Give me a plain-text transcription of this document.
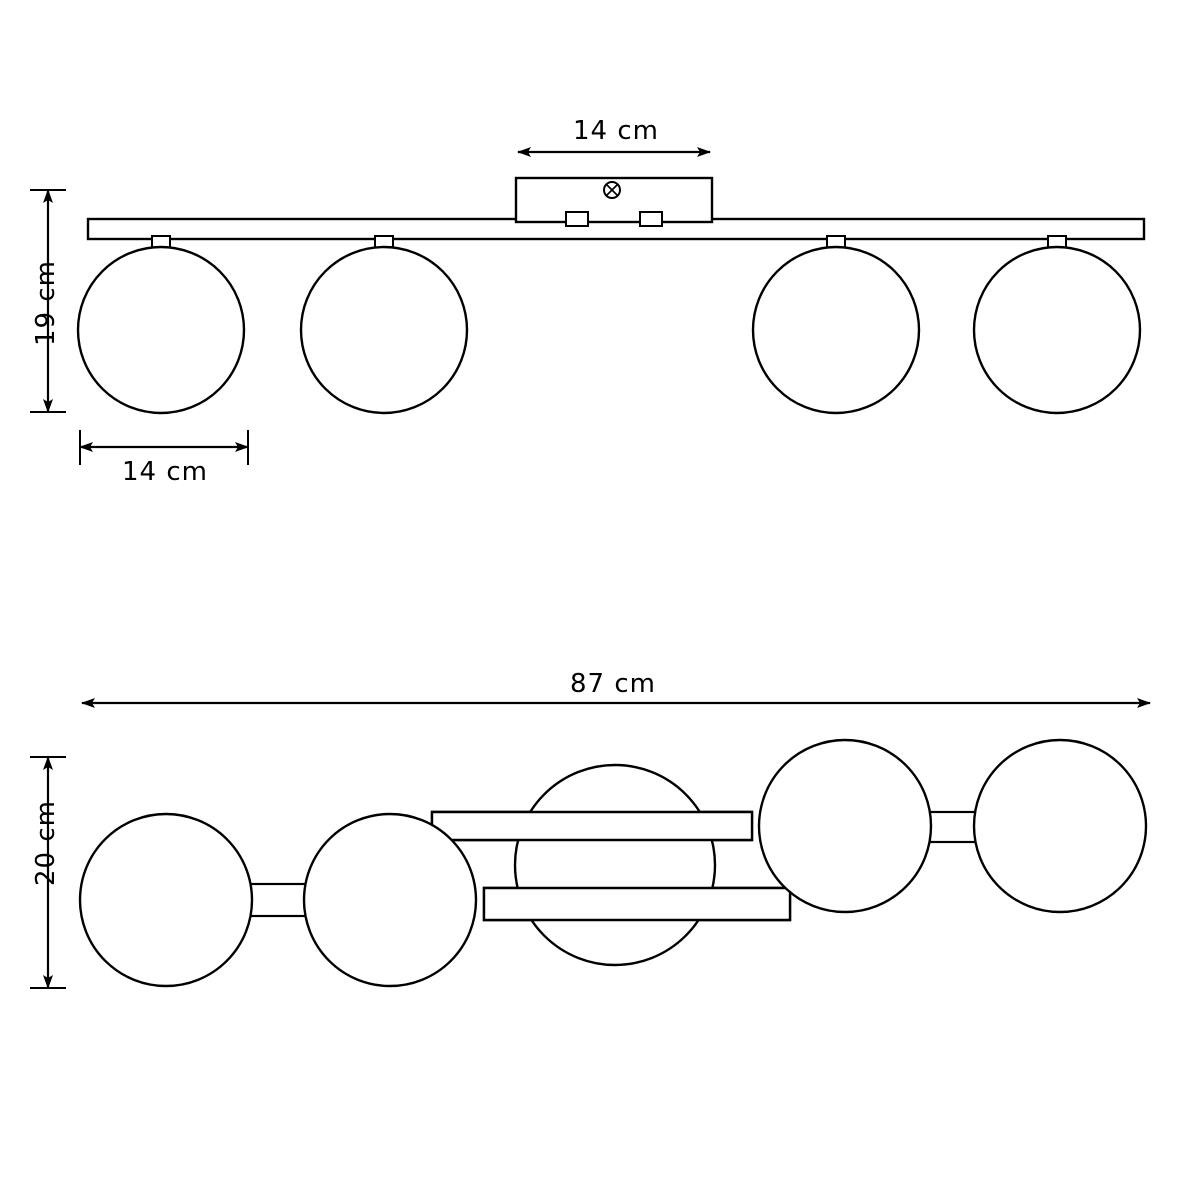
14 cm
19 cm
14 cm
87 cm
20 cm
